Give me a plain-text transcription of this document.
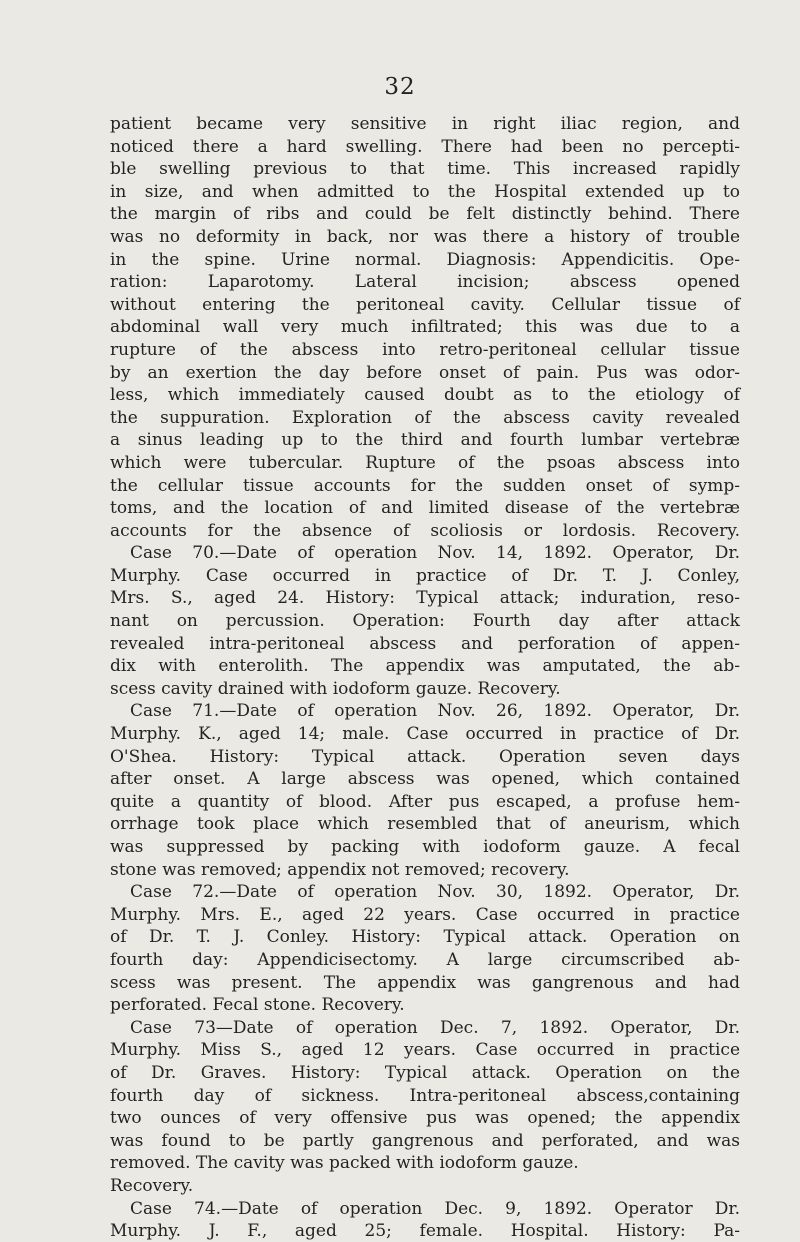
32
patient became very sensitive in right iliac region, and
noticed there a hard swelling. There had been no percepti-
ble swelling previous to that time. This increased rapidly
in size, and when admitted to the Hospital extended up to
the margin of ribs and could be felt distinctly behind. There
was no deformity in back, nor was there a history of trouble
in the spine. Urine normal. Diagnosis: Appendicitis. Ope-
ration: Laparotomy. Lateral incision; abscess opened
without entering the peritoneal cavity. Cellular tissue of
abdominal wall very much infiltrated; this was due to a
rupture of the abscess into retro-peritoneal cellular tissue
by an exertion the day before onset of pain. Pus was odor-
less, which immediately caused doubt as to the etiology of
the suppuration. Exploration of the abscess cavity revealed
a sinus leading up to the third and fourth lumbar vertebræ
which were tubercular. Rupture of the psoas abscess into
the cellular tissue accounts for the sudden onset of symp-
toms, and the location of and limited disease of the vertebræ
accounts for the absence of scoliosis or lordosis. Recovery.
Case 70.—Date of operation Nov. 14, 1892. Operator, Dr.
Murphy. Case occurred in practice of Dr. T. J. Conley,
Mrs. S., aged 24. History: Typical attack; induration, reso-
nant on percussion. Operation: Fourth day after attack
revealed intra-peritoneal abscess and perforation of appen-
dix with enterolith. The appendix was amputated, the ab-
scess cavity drained with iodoform gauze. Recovery.
Case 71.—Date of operation Nov. 26, 1892. Operator, Dr.
Murphy. K., aged 14; male. Case occurred in practice of Dr.
O'Shea. History: Typical attack. Operation seven days
after onset. A large abscess was opened, which contained
quite a quantity of blood. After pus escaped, a profuse hem-
orrhage took place which resembled that of aneurism, which
was suppressed by packing with iodoform gauze. A fecal
stone was removed; appendix not removed; recovery.
Case 72.—Date of operation Nov. 30, 1892. Operator, Dr.
Murphy. Mrs. E., aged 22 years. Case occurred in practice
of Dr. T. J. Conley. History: Typical attack. Operation on
fourth day: Appendicisectomy. A large circumscribed ab-
scess was present. The appendix was gangrenous and had
perforated. Fecal stone. Recovery.
Case 73—Date of operation Dec. 7, 1892. Operator, Dr.
Murphy. Miss S., aged 12 years. Case occurred in practice
of Dr. Graves. History: Typical attack. Operation on the
fourth day of sickness. Intra-peritoneal abscess,containing
two ounces of very offensive pus was opened; the appendix
was found to be partly gangrenous and perforated, and was
removed. The cavity was packed with iodoform gauze.
Recovery.
Case 74.—Date of operation Dec. 9, 1892. Operator Dr.
Murphy. J. F., aged 25; female. Hospital. History: Pa-
